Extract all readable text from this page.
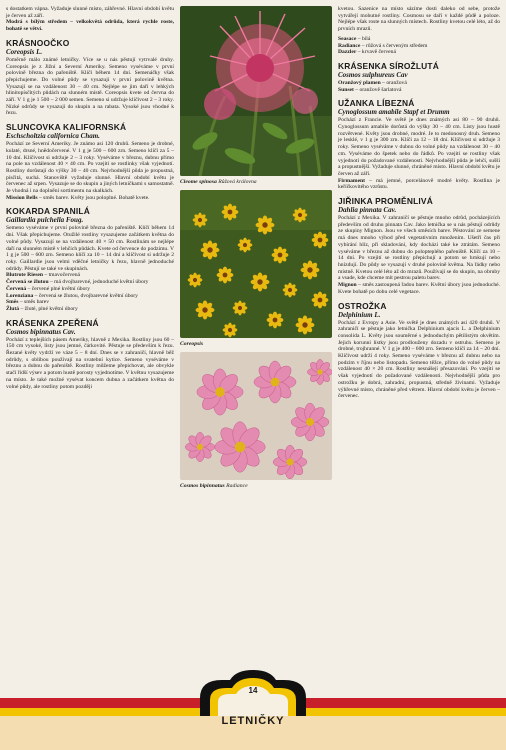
s dostatkem vápna. Vyžaduje slunné místo, záhřevné. Hlavní období květu je červen až září.

Modrá s bílým středem – velkokvětá odrůda, která rychle roste, bohatě se větví.

KRÁSNOOČKO
Coreopsis L.

Poměrně málo známé letničky. Více se u nás pěstují vytrvalé druhy. Coreopsis je z Jižní a Severní Ameriky. Semeno vyséváme v první polovině března do pařeniště. Klíčí během 14 dní. Semenáčky však přepichujeme. Do volné půdy se vysazují v první polovině května. Vysazují se na vzdálenost 30 – 40 cm. Nejlépe se jim daří v lehkých hlinitopísčitých půdách na slunném místě. Coreopsis kvete od června do září. V 1 g je 1 500 – 2 000 semen. Semeno si udržuje klíčivost 2 – 3 roky. Nízké odrůdy se vysazují do skupin a na rabata. Vysoké jsou vhodné k řezu.

SLUNCOVKA KALIFORNSKÁ
Eschscholtzia californica Cham.

Pochází ze Severní Ameriky. Je známo asi 120 druhů. Semeno je drobné, kulaté, drsné, hnědočervené. V 1 g je 500 – 600 zrn. Semeno klíčí za 5 – 10 dní. Klíčivost si udržuje 2 – 3 roky. Vyséváme v březnu, dubnu přímo na pole na vzdálenost 40 × 40 cm. Po vzejití se rostlinky však vyjednotí. Rostliny dorůstají do výšky 30 – 40 cm. Nejvhodnější půda je propustná, písčitá, suchá. Stanoviště vyžaduje slunné. Hlavní období květu je červenec až srpen. Vysazuje se do skupin a jiných letničkami s samostatně. Je vhodná i na doplnění sortimentu na skalkách.

Mission Bells – směs barev. Květy jsou poloplné. Bohatě kvete.

KOKARDA SPANILÁ
Gaillardia pulchella Foug.

Semeno vyséváme v první polovině března do pařeniště. Klíčí během 14 dní. Však přepichujeme. Otužilé rostliny vysazujeme začátkem května do volné půdy. Vysazují se na vzdálenost 40 × 50 cm. Rostlinám se nejlépe daří na slunném místě v lehčích půdách. Kvete od července do podzimu. V 1 g je 500 – 600 zrn. Semeno klíčí za 10 – 14 dní a klíčivost si udržuje 2 roky. Gaillardie jsou velmi vděčné letničky k řezu, hlavně jednoduché odrůdy. Pěstují se také ve skupinách.

Blutrote Riesen – tmavočervená

Červená se žlutou – má dvojbarevné, jednoduché květní úbory

Červená – červené plné květní úbory

Lorenziana – červená se žlutou, dvojbarevné květní úbory

Směs – směs barev

Žlutá – žluté, plné květní úbory

KRÁSENKA ZPEŘENÁ
Cosmos bipinnatus Cav.

Pochází z teplejších pásem Ameriky, hlavně z Mexika. Rostliny jsou 60 – 150 cm vysoké, listy jsou jemné, čárkovité. Pěstuje se především k řezu. Řezané květy vydrží ve váze 5 – 8 dní. Dnes se v zahraničí, hlavně běž odrůdy, s oblibou používají na svatební kytice. Semeno vyséváme v březnu a dubnu do pařeniště. Rostliny můžeme přepichovat, ale obvykle stačí řídší výsev a potom hustě porosty vyjednotíme. V květnu vysazujeme na místo. Je také možné vysévat koncem dubna a začátkem května do volné půdy, ale rostliny potom později

Cleome spinosa Růžová královna
Coreopsis
Cosmos bipinnatus Radiance

kvetou. Sazenice na místo sázíme dosti daleko od sebe, protože vytvářejí mohutné rostliny. Cosmosu se daří v každé půdě a poloze. Nejlépe však roste na slunných místech. Rostliny kvetou celé léto, až do prvních mrazů.

Seasace – bílá

Radiance – růžová s červeným středem

Dazzler – krvavě červená

KRÁSENKA SÍROŽLUTÁ
Cosmos sulphureus Cav

Oranžový plamen – oranžová

Sunset – oranžově šarlatová

UŽANKA LÍBEZNÁ
Cynoglossum amabile Stapf et Drumm

Pochází z Francie. Ve světě je dnes známých asi 80 – 90 druhů. Cynoglossum amabile dorůstá do výšky 30 – 40 cm. Listy jsou hustě rozvětvené. Květy jsou drobné, modré. Je to medonosný druh. Semeno je lesklé, v 1 g je 300 zrn. Klíčí za 12 – 18 dní. Klíčivost si udržuje 3 roky. Semeno vyséváme v dubnu do volné půdy na vzdálenost 30 – 40 cm. Vyséváme do špetek nebo do řádků. Po vzejití se rostliny však vyjednotí do požadované vzdálenosti. Nejvhodnější půda je lehčí, sušší a propustnější. Vyžaduje slunné, chráněné místo. Hlavní období květu je červen až září.

Firmament – má jemné, porcelánově modré květy. Rostlina je keříčkovitého vzrůstu.

JIŘINKA PROMĚNLIVÁ
Dahlia pinnata Cav.

Pochází z Mexika. V zahraničí se pěstuje mnoho odrůd, pocházejících především od druhu pinnata Cav. Jako letnička se u nás pěstují odrůdy ze skupiny Mignon. Jsou ve všech směsích barev. Pěstování ze semene má dnes mnoho výhod před vegetativním množením. Ušetří čas při vybírání hlíz, při skladování, kdy dochází také ke ztrátám. Semeno vyséváme v březnu až dubnu do polopteplého pařeniště. Klíčí za 10 – 14 dní. Po vzejití se rostliny přepichují a potom se hrnkují nebo hnízdují. Do půdy se vysazují v druhé polovině května. Na řádky nebo místně. Kvetou celé léto až do mrazů. Používají se do skupin, na obruby a vsade, kde chceme mít pestrou paletu barev.

Mignon – směs zastoupená řadou barev. Květní úbory jsou jednoduché. Kvete bohatě po dobu celé vegetace.

OSTROŽKA
Delphinium L.

Pochází z Evropy a Asie. Ve světě je dnes známých asi 420 druhů. V zahraničí se pěstuje jako letnička Delphinium ajacis L. a Delphinium consolida L. Květy jsou souměrné s jednoduchým pětilistým okvětím. Jejich korunní lístky jsou prodlouženy dozadu v ostruhu. Semeno je drobné, trojhranné. V 1 g je 400 – 600 zrn. Semeno klíčí za 14 – 20 dní. Klíčivost udrží 4 roky. Semeno vyséváme v březnu až dubnu nebo na podzim v říjnu nebo listopadu. Semeno těžce, přímo do volné půdy na vzdálenost 40 × 20 cm. Rostliny nesnášejí přesazování. Po vzejití se však vyjednotí do požadované vzdálenosti. Nejvhodnější půda pro ostrožku je dobrá, zahradní, propustná, středně živinami. Vyžaduje výhřevné místo, chráněné před větrem. Hlavní období květu je červen – červenec.

14
LETNIČKY
